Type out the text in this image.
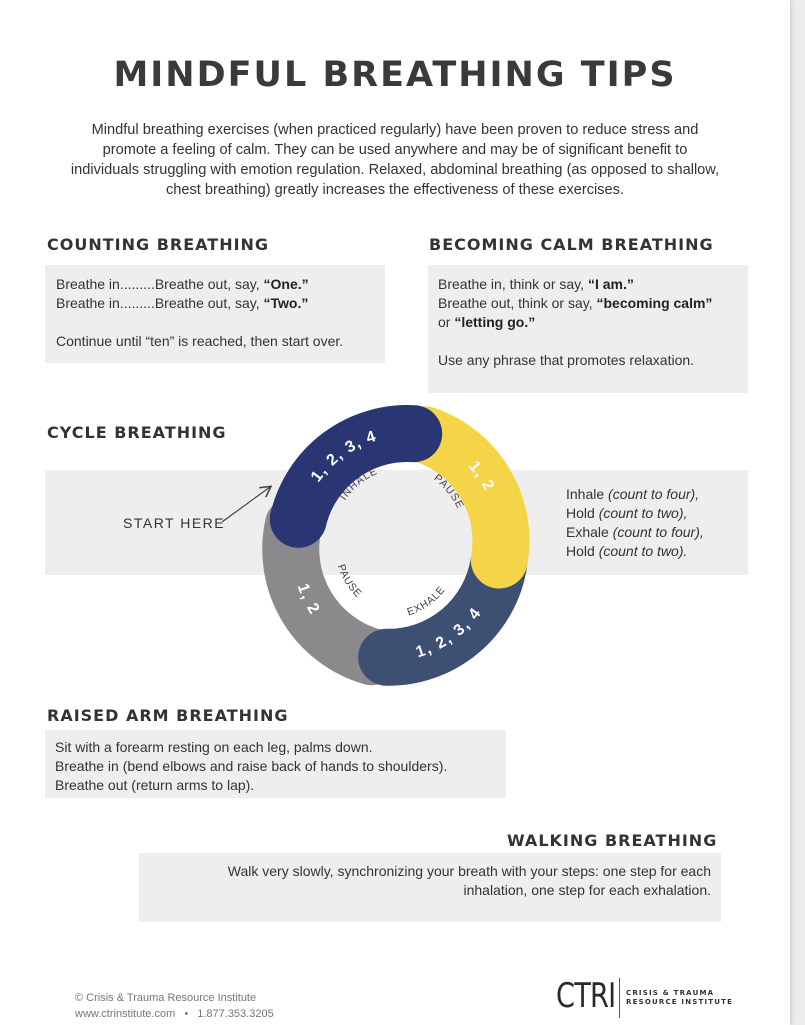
MINDFUL BREATHING TIPS
Mindful breathing exercises (when practiced regularly) have been proven to reduce stress and promote a feeling of calm. They can be used anywhere and may be of significant benefit to individuals struggling with emotion regulation. Relaxed, abdominal breathing (as opposed to shallow, chest breathing) greatly increases the effectiveness of these exercises.
COUNTING BREATHING
Breathe in.........Breathe out, say, “One.”
Breathe in.........Breathe out, say, “Two.”
Continue until “ten” is reached, then start over.
BECOMING CALM BREATHING
Breathe in, think or say, “I am.”
Breathe out, think or say, “becoming calm”
or “letting go.”
Use any phrase that promotes relaxation.
CYCLE BREATHING
Inhale (count to four),
Hold (count to two),
Exhale (count to four),
Hold (count to two).
START HERE
1, 2, 3, 4
INHALE	1, 2
PAUSE
1, 2, 3, 4
EXHALE
1, 2
PAUSE
RAISED ARM BREATHING
Sit with a forearm resting on each leg, palms down.
Breathe in (bend elbows and raise back of hands to shoulders).
Breathe out (return arms to lap).
WALKING BREATHING
Walk very slowly, synchronizing your breath with your steps: one step for each
inhalation, one step for each exhalation.
© Crisis & Trauma Resource Institute
www.ctrinstitute.com • 1.877.353.3205	CTRI CRISIS & TRAUMA
RESOURCE INSTITUTE
